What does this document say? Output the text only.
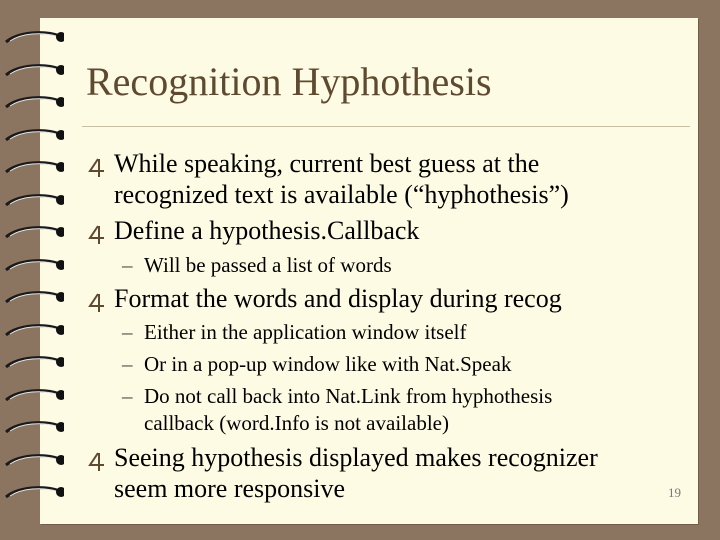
Recognition Hyphothesis
While speaking, current best guess at the
recognized text is available (“hyphothesis”)
Define a hypothesis.Callback
– Will be passed a list of words
Format the words and display during recog
– Either in the application window itself
– Or in a pop-up window like with Nat.Speak
– Do not call back into Nat.Link from hyphothesis
callback (word.Info is not available)
Seeing hypothesis displayed makes recognizer
seem more responsive	19
